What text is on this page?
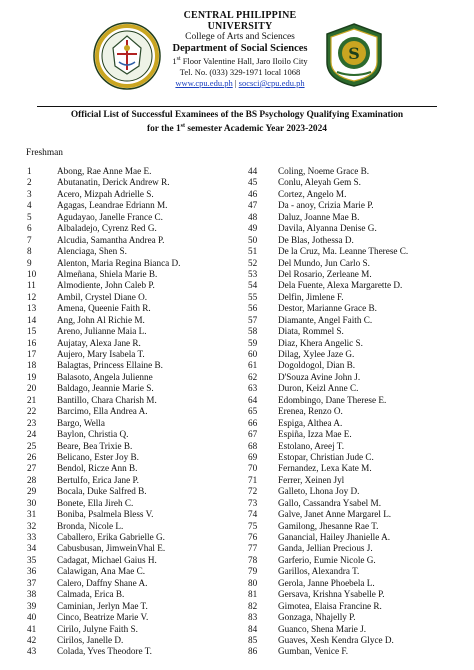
CENTRAL PHILIPPINE UNIVERSITY
College of Arts and Sciences
Department of Social Sciences
1st Floor Valentine Hall, Jaro Iloilo City
Tel. No. (033) 329-1971 local 1068
www.cpu.edu.ph | socsci@cpu.edu.ph
S
Official List of Successful Examinees of the BS Psychology Qualifying Examination
for the 1st semester Academic Year 2023-2024
Freshman
1	Abong, Rae Anne Mae E.
2	Abutanatin, Derick Andrew R.
3	Acero, Mizpah Adrielle S.
4	Agagas, Leandrae Edriann M.
5	Agudayao, Janelle France C.
6	Albaladejo, Cyrenz Red G.
7	Alcudia, Samantha Andrea P.
8	Alenciaga, Shen S.
9	Alenton, Maria Regina Bianca D.
10	Almeñana, Shiela Marie B.
11	Almodiente, John Caleb P.
12	Ambil, Crystel Diane O.
13	Amena, Queenie Faith R.
14	Ang, John Al Richie M.
15	Areno, Julianne Maia L.
16	Aujatay, Alexa Jane R.
17	Aujero, Mary Isabela T.
18	Balagtas, Princess Ellaine B.
19	Balasoto, Angela Julienne
20	Baldago, Jeannie Marie S.
21	Bantillo, Chara Charish M.
22	Barcimo, Ella Andrea A.
23	Bargo, Wella
24	Baylon, Christia Q.
25	Beare, Bea Trixie B.
26	Belicano, Ester Joy B.
27	Bendol, Ricze Ann B.
28	Bertulfo, Erica Jane P.
29	Bocala, Duke Salfred B.
30	Bonete, Ella Jireh C.
31	Boniba, Psalmela Bless V.
32	Bronda, Nicole L.
33	Caballero, Erika Gabrielle G.
34	Cabusbusan, JimweinVhal E.
35	Cadagat, Michael Gaius H.
36	Calawigan, Ana Mae C.
37	Calero, Daffny Shane A.
38	Calmada, Erica B.
39	Caminian, Jerlyn Mae T.
40	Cinco, Beatrize Marie V.
41	Cirilo, Julyne Faith S.
42	Cirilos, Janelle D.
43	Colada, Yves Theodore T.
44	Coling, Noeme Grace B.
45	Conlu, Aleyah Gem S.
46	Cortez, Angelo M.
47	Da - anoy, Crizia Marie P.
48	Daluz, Joanne Mae B.
49	Davila, Alyanna Denise G.
50	De Blas, Jothessa D.
51	De la Cruz, Ma. Leanne Therese C.
52	Del Mundo, Jun Carlo S.
53	Del Rosario, Zerleane M.
54	Dela Fuente, Alexa Margarette D.
55	Delfin, Jimlene F.
56	Destor, Marianne Grace B.
57	Diamante, Angel Faith C.
58	Diata, Rommel S.
59	Diaz, Khera Angelic S.
60	Dilag, Xylee Jaze G.
61	Dogoldogol, Dian B.
62	D'Souza Avine John J.
63	Duron, Keizl Anne C.
64	Edombingo, Dane Therese E.
65	Erenea, Renzo O.
66	Espiga, Althea A.
67	Espiña, Izza Mae E.
68	Estolano, Areej T.
69	Estopar, Christian Jude C.
70	Fernandez, Lexa Kate M.
71	Ferrer, Xeinen Jyl
72	Galleto, Lhona Joy D.
73	Gallo, Cassandra Ysabel M.
74	Galve, Janet Anne Margarel L.
75	Gamilong, Jhesanne Rae T.
76	Ganancial, Hailey Jhanielle A.
77	Ganda, Jellian Precious J.
78	Garferio, Eumie Nicole G.
79	Garillos, Alexandra T.
80	Gerola, Janne Phoebela L.
81	Gersava, Krishna Ysabelle P.
82	Gimotea, Elaisa Francine R.
83	Gonzaga, Nhajelly P.
84	Guanco, Shena Marie J.
85	Guaves, Xesh Kendra Glyce D.
86	Gumban, Venice F.
